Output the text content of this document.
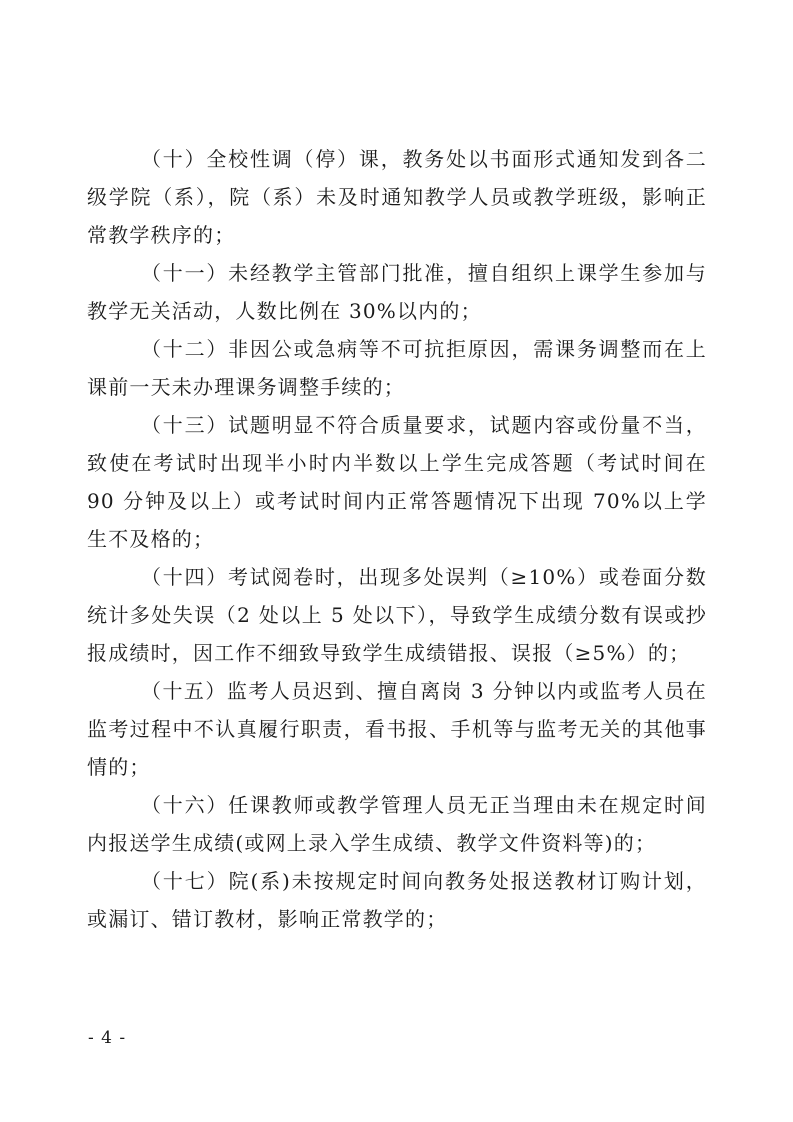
（十）全校性调（停）课，教务处以书面形式通知发到各二级学院（系），院（系）未及时通知教学人员或教学班级，影响正常教学秩序的；

（十一）未经教学主管部门批准，擅自组织上课学生参加与教学无关活动，人数比例在 30%以内的；

（十二）非因公或急病等不可抗拒原因，需课务调整而在上课前一天未办理课务调整手续的；

（十三）试题明显不符合质量要求，试题内容或份量不当，致使在考试时出现半小时内半数以上学生完成答题（考试时间在 90 分钟及以上）或考试时间内正常答题情况下出现 70%以上学生不及格的；

（十四）考试阅卷时，出现多处误判（≥10%）或卷面分数统计多处失误（2 处以上 5 处以下），导致学生成绩分数有误或抄报成绩时，因工作不细致导致学生成绩错报、误报（≥5%）的；

（十五）监考人员迟到、擅自离岗 3 分钟以内或监考人员在监考过程中不认真履行职责，看书报、手机等与监考无关的其他事情的；

（十六）任课教师或教学管理人员无正当理由未在规定时间内报送学生成绩(或网上录入学生成绩、教学文件资料等)的；

（十七）院(系)未按规定时间向教务处报送教材订购计划，或漏订、错订教材，影响正常教学的；

- 4 -
